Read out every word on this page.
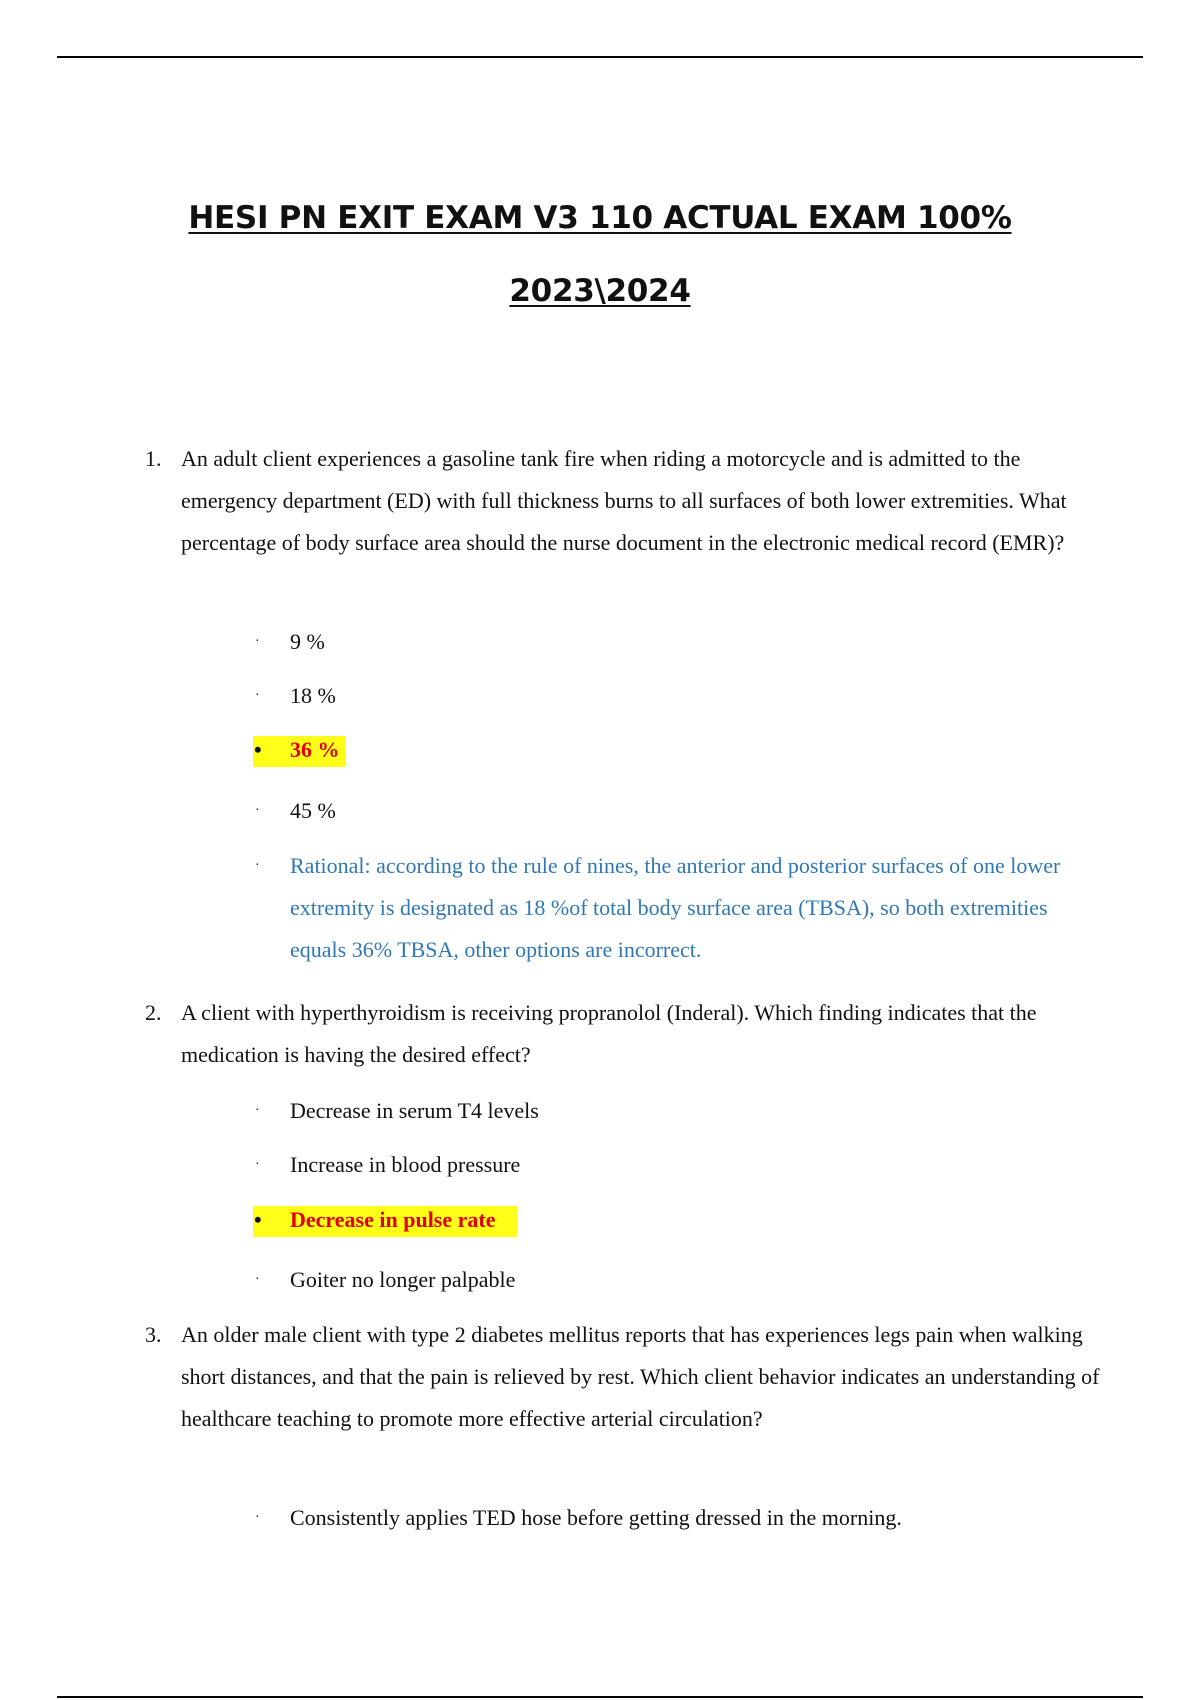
HESI PN EXIT EXAM V3 110 ACTUAL EXAM 100%
2023\2024
1. An adult client experiences a gasoline tank fire when riding a motorcycle and is admitted to the emergency department (ED) with full thickness burns to all surfaces of both lower extremities. What percentage of body surface area should the nurse document in the electronic medical record (EMR)?

· 9 %
· 18 %
• 36 %
· 45 %
· Rational: according to the rule of nines, the anterior and posterior surfaces of one lower extremity is designated as 18 %of total body surface area (TBSA), so both extremities equals 36% TBSA, other options are incorrect.
2. A client with hyperthyroidism is receiving propranolol (Inderal). Which finding indicates that the medication is having the desired effect?

· Decrease in serum T4 levels
· Increase in blood pressure
• Decrease in pulse rate
· Goiter no longer palpable
3. An older male client with type 2 diabetes mellitus reports that has experiences legs pain when walking short distances, and that the pain is relieved by rest. Which client behavior indicates an understanding of healthcare teaching to promote more effective arterial circulation?

· Consistently applies TED hose before getting dressed in the morning.
